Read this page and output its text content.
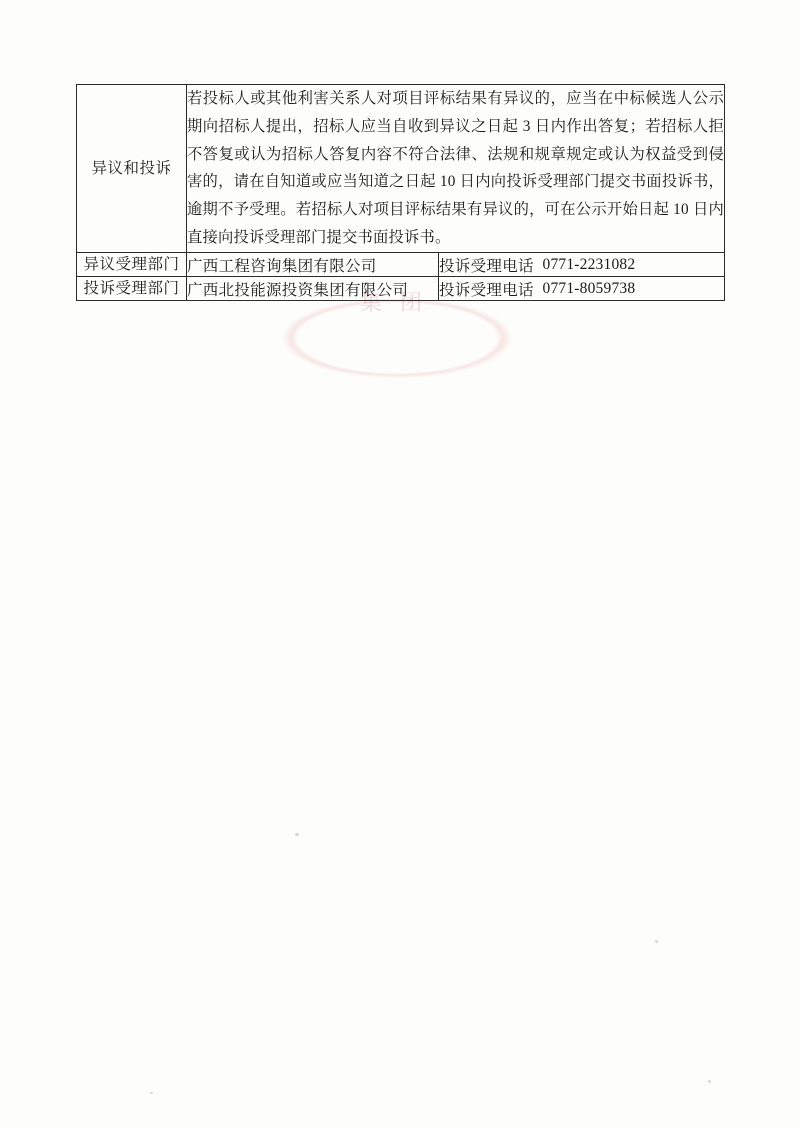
集团
异议和投诉	若投标人或其他利害关系人对项目评标结果有异议的，应当在中标候选人公示期向招标人提出，招标人应当自收到异议之日起 3 日内作出答复；若招标人拒不答复或认为招标人答复内容不符合法律、法规和规章规定或认为权益受到侵害的，请在自知道或应当知道之日起 10 日内向投诉受理部门提交书面投诉书，逾期不予受理。若招标人对项目评标结果有异议的，可在公示开始日起 10 日内直接向投诉受理部门提交书面投诉书。		

异议受理部门	广西工程咨询集团有限公司	投诉受理电话	0771-2231082
投诉受理部门	广西北投能源投资集团有限公司	投诉受理电话	0771-8059738
